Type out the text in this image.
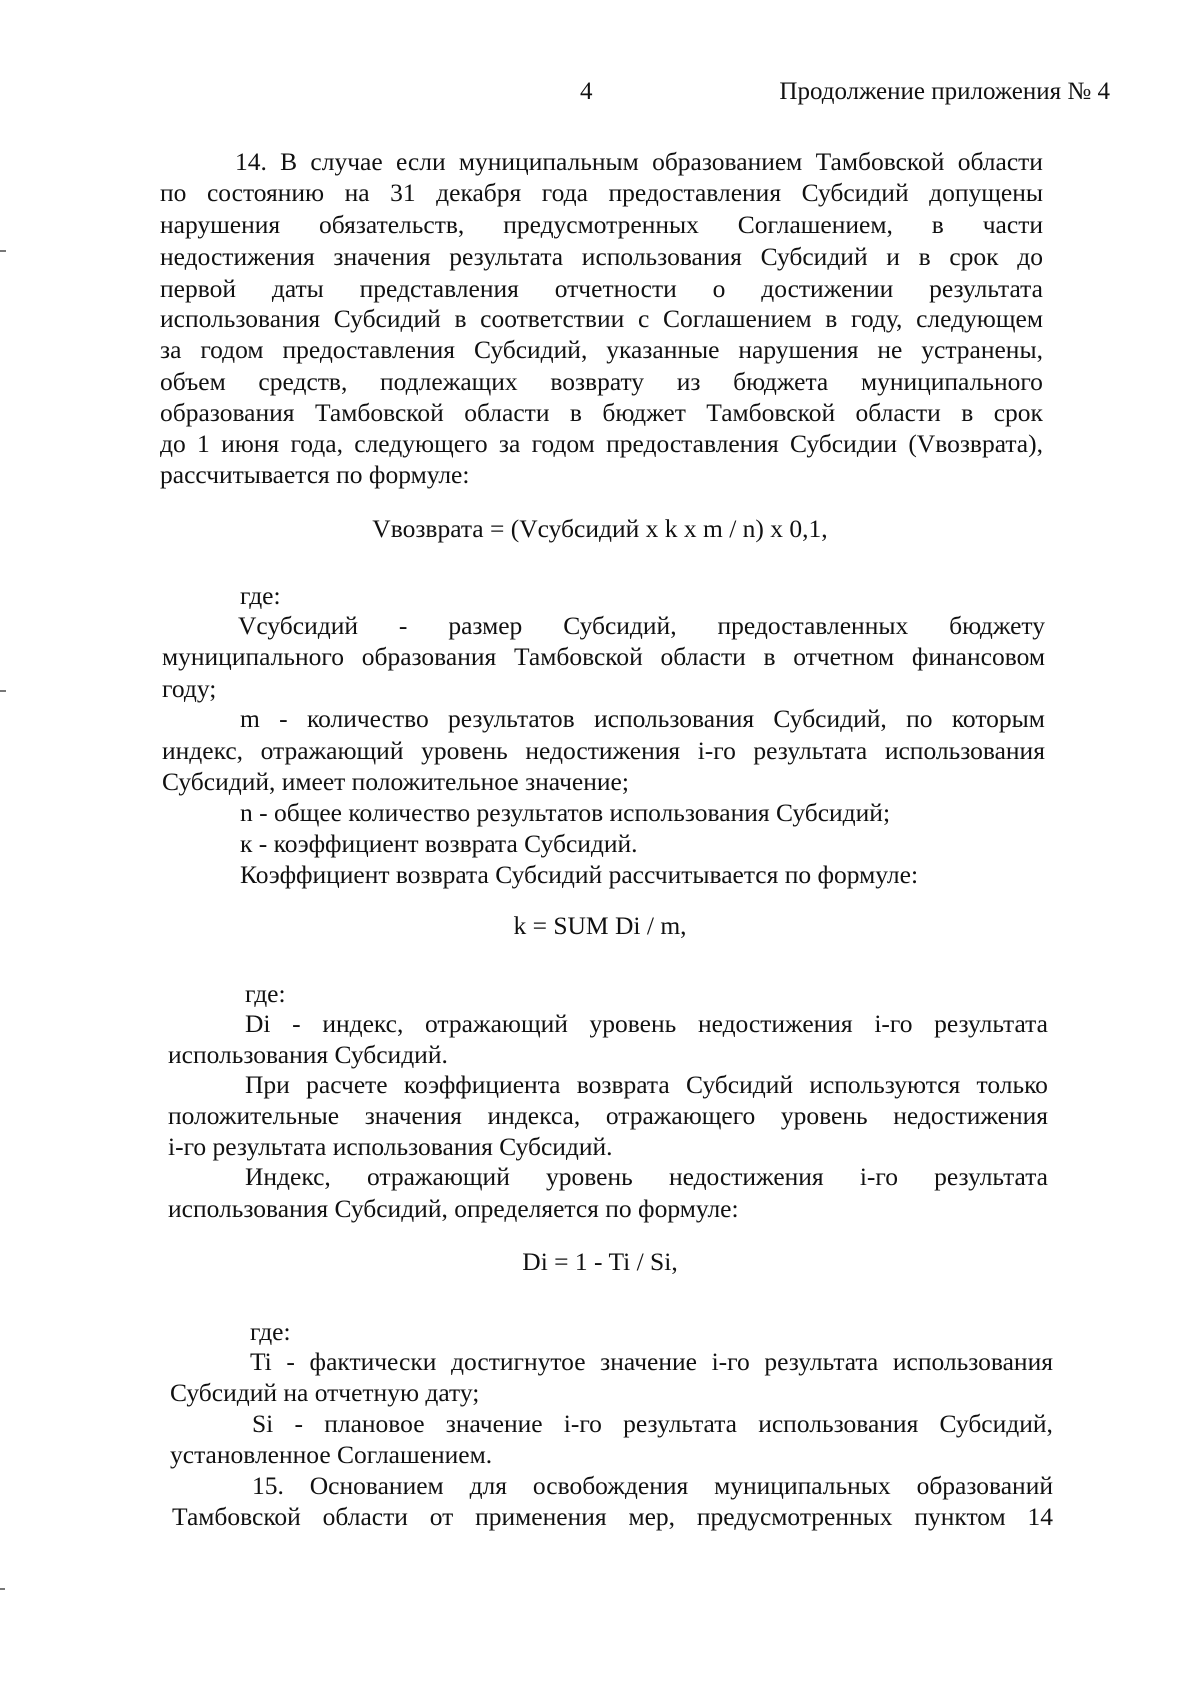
4	Продолжение приложения № 4
14. В случае если муниципальным образованием Тамбовской области
по состоянию на 31 декабря года предоставления Субсидий допущены
нарушения обязательств, предусмотренных Соглашением, в части
недостижения значения результата использования Субсидий и в срок до
первой даты представления отчетности о достижении результата
использования Субсидий в соответствии с Соглашением в году, следующем
за годом предоставления Субсидий, указанные нарушения не устранены,
объем средств, подлежащих возврату из бюджета муниципального
образования Тамбовской области в бюджет Тамбовской области в срок
до 1 июня года, следующего за годом предоставления Субсидии (Vвозврата),
рассчитывается по формуле:
Vвозврата = (Vсубсидий x k x m / n) x 0,1,
где:
Vсубсидий - размер Субсидий, предоставленных бюджету
муниципального образования Тамбовской области в отчетном финансовом
году;
m - количество результатов использования Субсидий, по которым
индекс, отражающий уровень недостижения i-го результата использования
Субсидий, имеет положительное значение;
n - общее количество результатов использования Субсидий;
к - коэффициент возврата Субсидий.
Коэффициент возврата Субсидий рассчитывается по формуле:
k = SUM Di / m,
где:
Di - индекс, отражающий уровень недостижения i-го результата
использования Субсидий.
При расчете коэффициента возврата Субсидий используются только
положительные значения индекса, отражающего уровень недостижения
i-го результата использования Субсидий.
Индекс, отражающий уровень недостижения i-го результата
использования Субсидий, определяется по формуле:
Di = 1 - Ti / Si,
где:
Ti - фактически достигнутое значение i-го результата использования
Субсидий на отчетную дату;
Si - плановое значение i-го результата использования Субсидий,
установленное Соглашением.
15. Основанием для освобождения муниципальных образований
Тамбовской области от применения мер, предусмотренных пунктом 14
